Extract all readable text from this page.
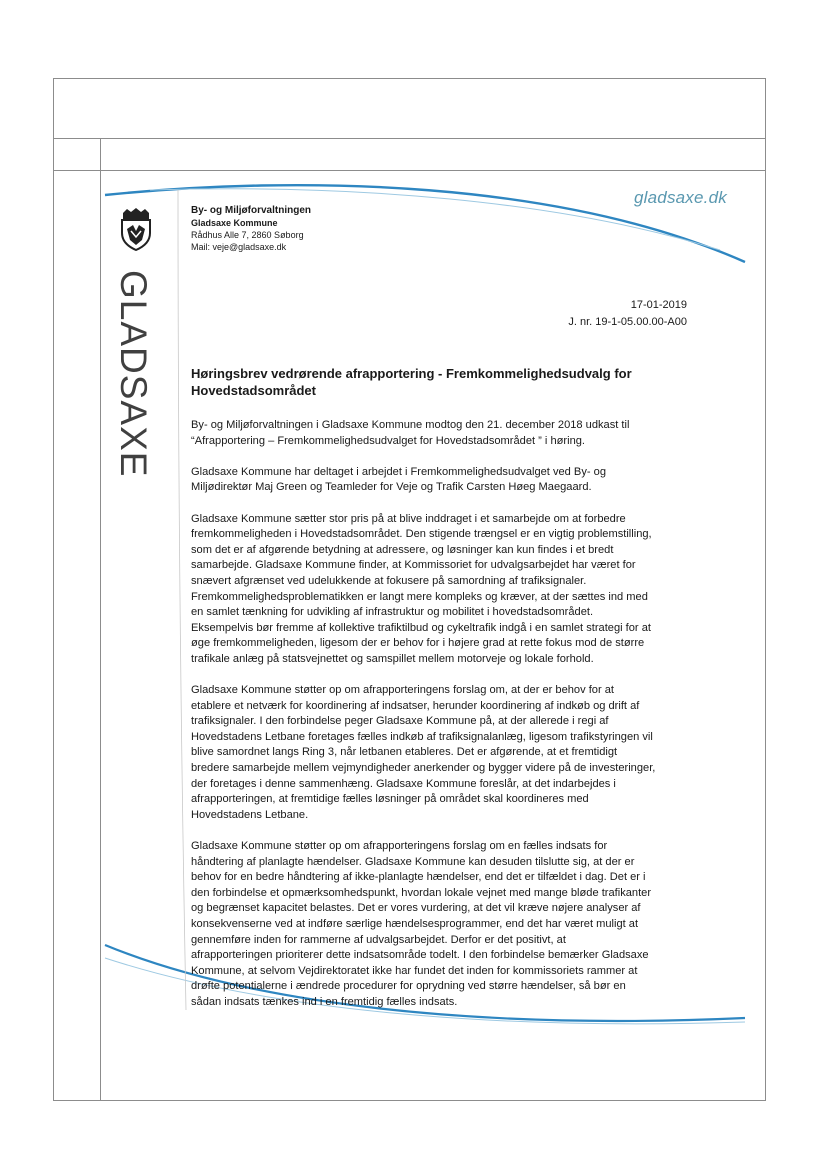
gladsaxe.dk
GLADSAXE
By- og Miljøforvaltningen
Gladsaxe Kommune
Rådhus Alle 7, 2860 Søborg
Mail: veje@gladsaxe.dk
17-01-2019
J. nr. 19-1-05.00.00-A00
Høringsbrev vedrørende afrapportering - Fremkommelighedsudvalg for Hovedstadsområdet

By- og Miljøforvaltningen i Gladsaxe Kommune modtog den 21. december 2018 udkast til
“Afrapportering – Fremkommelighedsudvalget for Hovedstadsområdet ” i høring.

Gladsaxe Kommune har deltaget i arbejdet i Fremkommelighedsudvalget ved By- og
Miljødirektør Maj Green og Teamleder for Veje og Trafik Carsten Høeg Maegaard.

Gladsaxe Kommune sætter stor pris på at blive inddraget i et samarbejde om at forbedre
fremkommeligheden i Hovedstadsområdet. Den stigende trængsel er en vigtig problemstilling,
som det er af afgørende betydning at adressere, og løsninger kan kun findes i et bredt
samarbejde. Gladsaxe Kommune finder, at Kommissoriet for udvalgsarbejdet har været for
snævert afgrænset ved udelukkende at fokusere på samordning af trafiksignaler.
Fremkommelighedsproblematikken er langt mere kompleks og kræver, at der sættes ind med
en samlet tænkning for udvikling af infrastruktur og mobilitet i hovedstadsområdet.
Eksempelvis bør fremme af kollektive trafiktilbud og cykeltrafik indgå i en samlet strategi for at
øge fremkommeligheden, ligesom der er behov for i højere grad at rette fokus mod de større
trafikale anlæg på statsvejnettet og samspillet mellem motorveje og lokale forhold.

Gladsaxe Kommune støtter op om afrapporteringens forslag om, at der er behov for at
etablere et netværk for koordinering af indsatser, herunder koordinering af indkøb og drift af
trafiksignaler. I den forbindelse peger Gladsaxe Kommune på, at der allerede i regi af
Hovedstadens Letbane foretages fælles indkøb af trafiksignalanlæg, ligesom trafikstyringen vil
blive samordnet langs Ring 3, når letbanen etableres. Det er afgørende, at et fremtidigt
bredere samarbejde mellem vejmyndigheder anerkender og bygger videre på de investeringer,
der foretages i denne sammenhæng. Gladsaxe Kommune foreslår, at det indarbejdes i
afrapporteringen, at fremtidige fælles løsninger på området skal koordineres med
Hovedstadens Letbane.

Gladsaxe Kommune støtter op om afrapporteringens forslag om en fælles indsats for
håndtering af planlagte hændelser. Gladsaxe Kommune kan desuden tilslutte sig, at der er
behov for en bedre håndtering af ikke-planlagte hændelser, end det er tilfældet i dag. Det er i
den forbindelse et opmærksomhedspunkt, hvordan lokale vejnet med mange bløde trafikanter
og begrænset kapacitet belastes. Det er vores vurdering, at det vil kræve nøjere analyser af
konsekvenserne ved at indføre særlige hændelsesprogrammer, end det har været muligt at
gennemføre inden for rammerne af udvalgsarbejdet. Derfor er det positivt, at
afrapporteringen prioriterer dette indsatsområde todelt. I den forbindelse bemærker Gladsaxe
Kommune, at selvom Vejdirektoratet ikke har fundet det inden for kommissoriets rammer at
drøfte potentialerne i ændrede procedurer for oprydning ved større hændelser, så bør en
sådan indsats tænkes ind i en fremtidig fælles indsats.
